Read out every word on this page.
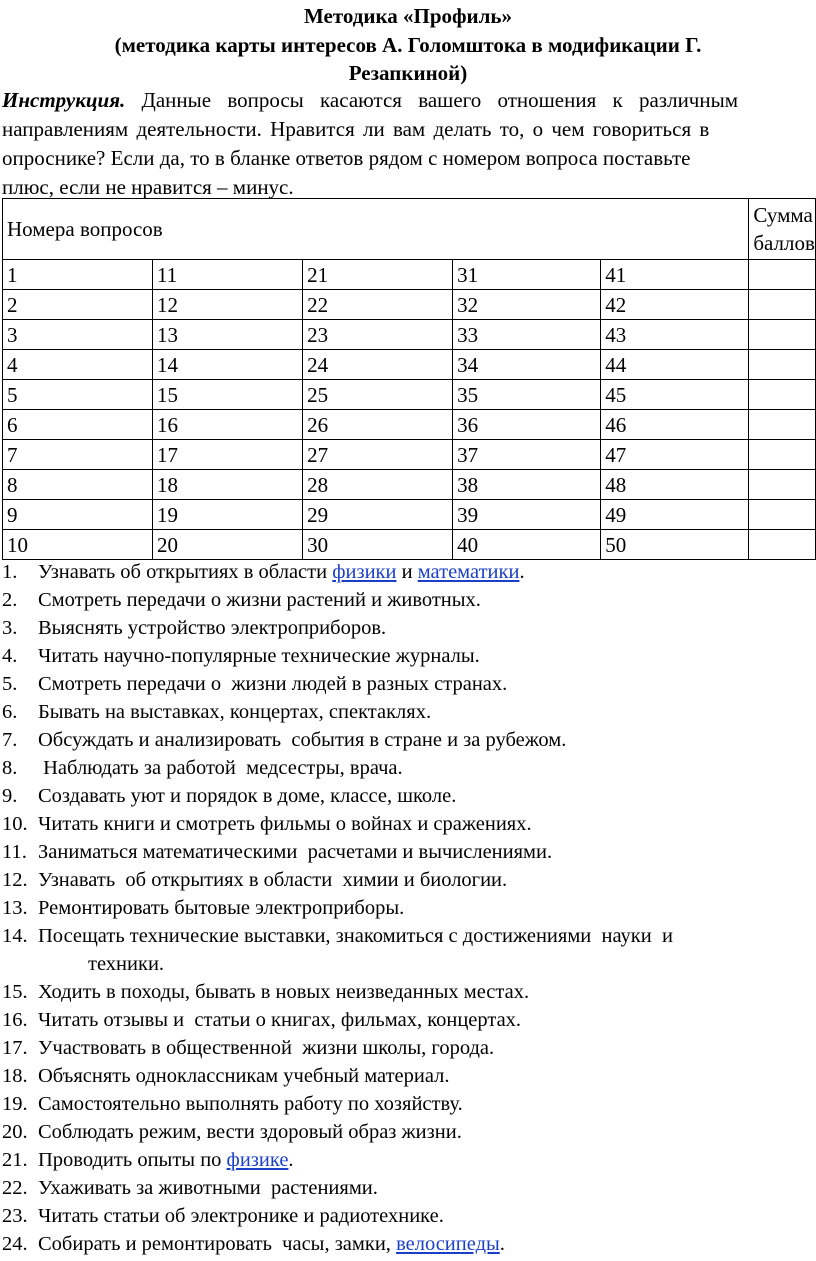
Методика «Профиль»
(методика карты интересов А. Голомштока в модификации Г.
Резапкиной)
Инструкция. Данные вопросы касаются вашего отношения к различным
направлениям деятельности. Нравится ли вам делать то, о чем говориться в
опроснике? Если да, то в бланке ответов рядом с номером вопроса поставьте
плюс, если не нравится – минус.
Номера вопросов					Сумма
баллов
1	11	21	31	41	
2	12	22	32	42	
3	13	23	33	43	
4	14	24	34	44	
5	15	25	35	45	
6	16	26	36	46	
7	17	27	37	47	
8	18	28	38	48	
9	19	29	39	49	
10	20	30	40	50	
1.	Узнавать об открытиях в области физики и математики.
2.	Смотреть передачи о жизни растений и животных.
3.	Выяснять устройство электроприборов.
4.	Читать научно-популярные технические журналы.
5.	Смотреть передачи о  жизни людей в разных странах.
6.	Бывать на выставках, концертах, спектаклях.
7.	Обсуждать и анализировать  события в стране и за рубежом.
8.	Наблюдать за работой  медсестры, врача.
9.	Создавать уют и порядок в доме, классе, школе.
10. Читать книги и смотреть фильмы о войнах и сражениях.
11. Заниматься математическими  расчетами и вычислениями.
12. Узнавать  об открытиях в области  химии и биологии.
13. Ремонтировать бытовые электроприборы.
14. Посещать технические выставки, знакомиться с достижениями  науки  и
техники.
15. Ходить в походы, бывать в новых неизведанных местах.
16. Читать отзывы и  статьи о книгах, фильмах, концертах.
17. Участвовать в общественной  жизни школы, города.
18. Объяснять одноклассникам учебный материал.
19. Самостоятельно выполнять работу по хозяйству.
20. Соблюдать режим, вести здоровый образ жизни.
21. Проводить опыты по физике.
22. Ухаживать за животными  растениями.
23. Читать статьи об электронике и радиотехнике.
24. Собирать и ремонтировать  часы, замки, велосипеды.
